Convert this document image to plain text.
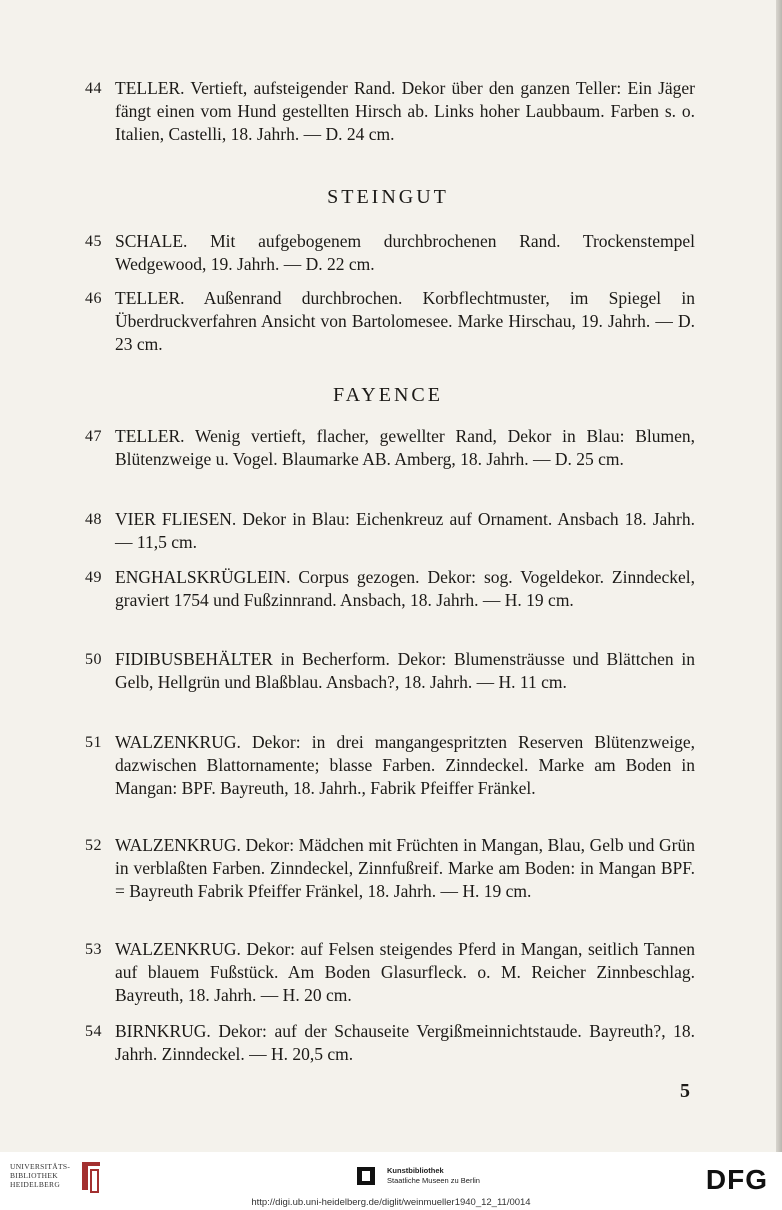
44 TELLER. Vertieft, aufsteigender Rand. Dekor über den ganzen Teller: Ein Jäger fängt einen vom Hund gestellten Hirsch ab. Links hoher Laubbaum. Farben s. o. Italien, Castelli, 18. Jahrh. — D. 24 cm.
STEINGUT
45 SCHALE. Mit aufgebogenem durchbrochenen Rand. Trockenstempel Wedgewood, 19. Jahrh. — D. 22 cm.
46 TELLER. Außenrand durchbrochen. Korbflechtmuster, im Spiegel in Überdruckverfahren Ansicht von Bartolomesee. Marke Hirschau, 19. Jahrh. — D. 23 cm.
FAYENCE
47 TELLER. Wenig vertieft, flacher, gewellter Rand, Dekor in Blau: Blumen, Blütenzweige u. Vogel. Blaumarke AB. Amberg, 18. Jahrh. — D. 25 cm.
48 VIER FLIESEN. Dekor in Blau: Eichenkreuz auf Ornament. Ansbach 18. Jahrh. — 11,5 cm.
49 ENGHALSKRÜGLEIN. Corpus gezogen. Dekor: sog. Vogeldekor. Zinndeckel, graviert 1754 und Fußzinnrand. Ansbach, 18. Jahrh. — H. 19 cm.
50 FIDIBUSBEHÄLTER in Becherform. Dekor: Blumensträusse und Blättchen in Gelb, Hellgrün und Blaßblau. Ansbach?, 18. Jahrh. — H. 11 cm.
51 WALZENKRUG. Dekor: in drei mangangespritzten Reserven Blütenzweige, dazwischen Blattornamente; blasse Farben. Zinndeckel. Marke am Boden in Mangan: BPF. Bayreuth, 18. Jahrh., Fabrik Pfeiffer Fränkel.
52 WALZENKRUG. Dekor: Mädchen mit Früchten in Mangan, Blau, Gelb und Grün in verblaßten Farben. Zinndeckel, Zinnfußreif. Marke am Boden: in Mangan BPF. = Bayreuth Fabrik Pfeiffer Fränkel, 18. Jahrh. — H. 19 cm.
53 WALZENKRUG. Dekor: auf Felsen steigendes Pferd in Mangan, seitlich Tannen auf blauem Fußstück. Am Boden Glasurfleck. o. M. Reicher Zinnbeschlag. Bayreuth, 18. Jahrh. — H. 20 cm.
54 BIRNKRUG. Dekor: auf der Schauseite Vergißmeinnichtstaude. Bayreuth?, 18. Jahrh. Zinndeckel. — H. 20,5 cm.
5
UNIVERSITÄTS-
BIBLIOTHEK
HEIDELBERG
Kunstbibliothek
Staatliche Museen zu Berlin	DFG
http://digi.ub.uni-heidelberg.de/diglit/weinmueller1940_12_11/0014
